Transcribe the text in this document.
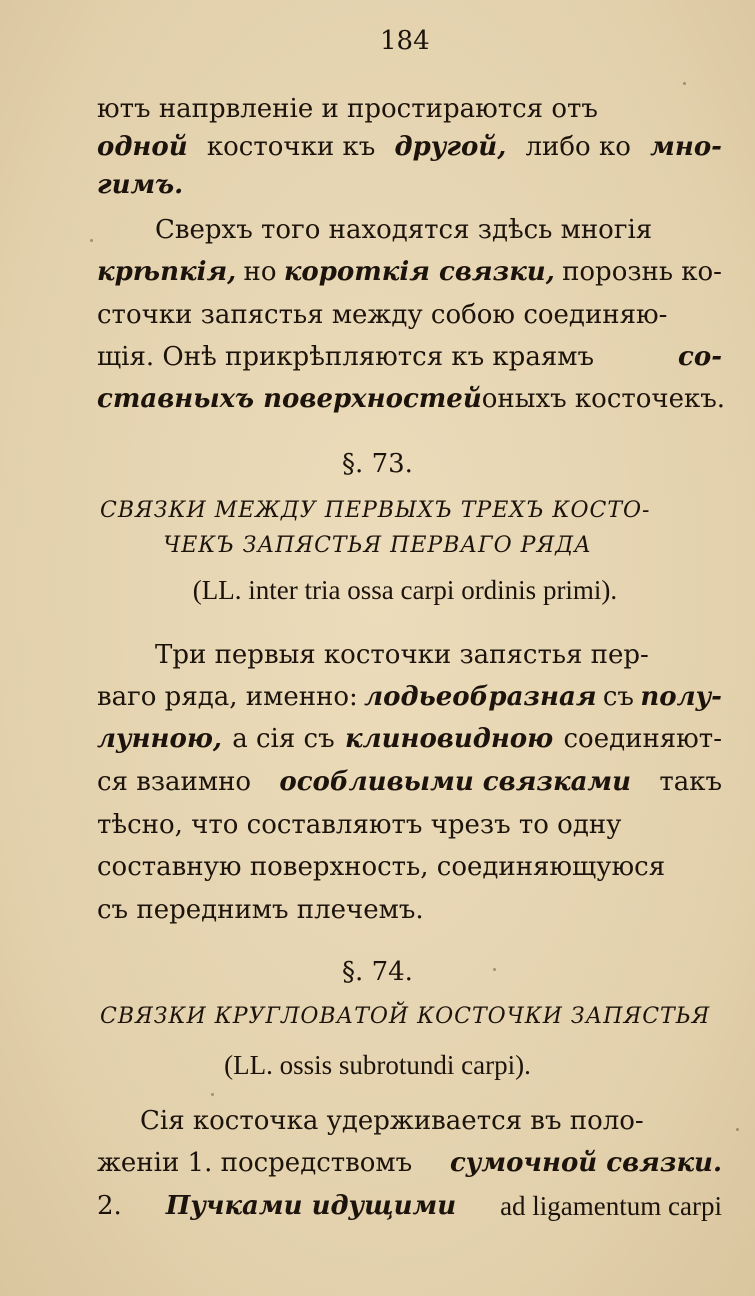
184
ютъ напрвленіе и простираются отъ
одной косточки къ другой, либо ко мно-
гимъ.
Сверхъ того находятся здѣсь многія
крѣпкія, но короткія связки, порознь ко-
сточки запястья между собою соединяю-
щія. Онѣ прикрѣпляются къ краямъ	со-
ставныхъ поверхностей оныхъ косточекъ.
§. 73.
СВЯЗКИ МЕЖДУ ПЕРВЫХЪ ТРЕХЪ КОСТО-
ЧЕКЪ ЗАПЯСТЬЯ ПЕРВАГО РЯДА
(LL. inter tria ossa carpi ordinis primi).
Три первыя косточки запястья пер-
ваго ряда, именно: лодьеобразная съ полу-
лунною, а сія съ клиновидною соединяют-
ся взаимно особливыми связками такъ
тѣсно, что составляютъ чрезъ то одну
составную поверхность, соединяющуюся
съ переднимъ плечемъ.
§. 74.
СВЯЗКИ КРУГЛОВАТОЙ КОСТОЧКИ ЗАПЯСТЬЯ
(LL. ossis subrotundi carpi).
Сія косточка удерживается въ поло-
женіи 1. посредствомъ сумочной связки.
2. Пучками идущими ad ligamentum carpi
